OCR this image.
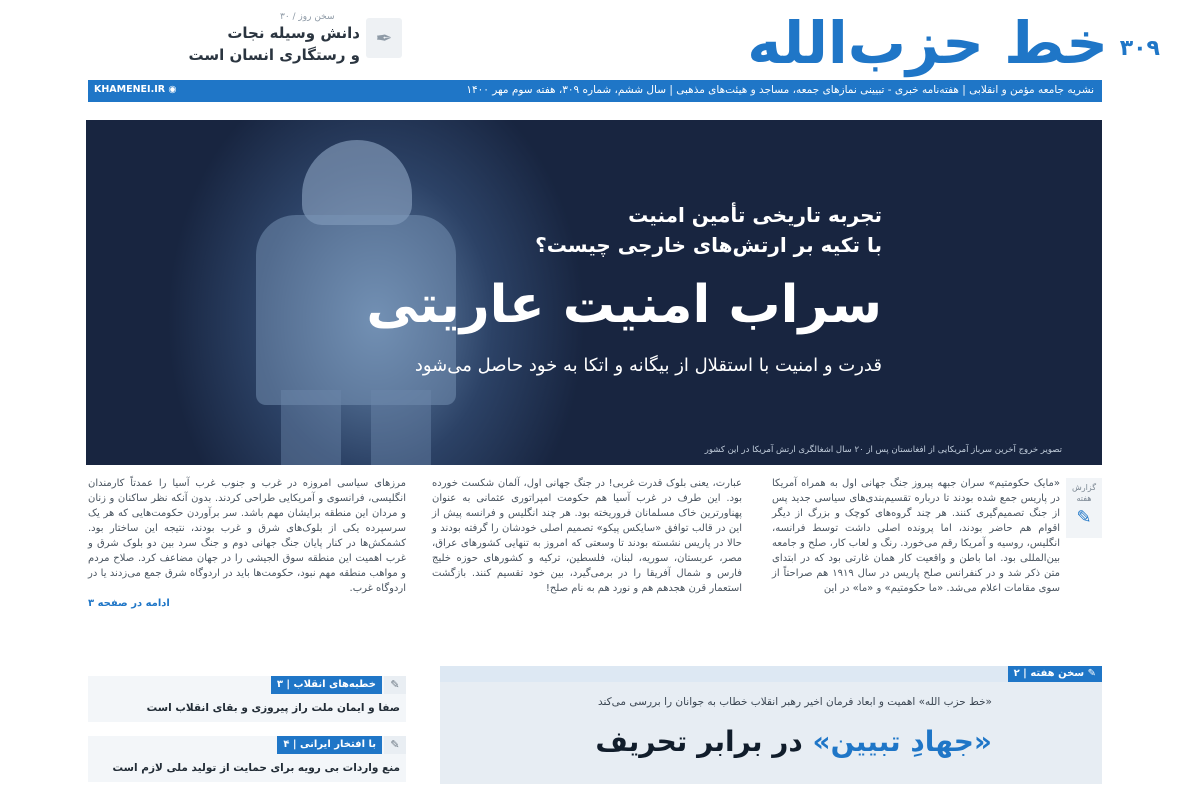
خط حزب‌الله ۳۰۹
سخن روز / ۳۰
✒
دانش وسیله نجات
و رستگاری انسان است
نشریه جامعه مؤمن و انقلابی | هفته‌نامه خبری - تبیینی نمازهای جمعه، مساجد و هیئت‌های مذهبی | سال ششم، شماره ۳۰۹، هفته سوم مهر ۱۴۰۰
◉ KHAMENEI.IR
تجربه تاریخی تأمین امنیت
با تکیه بر ارتش‌های خارجی چیست؟
سراب امنیت عاریتی
قدرت و امنیت با استقلال از بیگانه و اتکا به خود حاصل می‌شود
تصویر خروج آخرین سرباز آمریکایی از افغانستان پس از ۲۰ سال اشغالگری ارتش آمریکا در این کشور
گزارش هفته
✎
«مایک حکومتیم» سران جبهه پیروز جنگ جهانی اول به همراه آمریکا در پاریس جمع شده بودند تا درباره تقسیم‌بندی‌های سیاسی جدید پس از جنگ تصمیم‌گیری کنند. هر چند گروه‌های کوچک و بزرگ از دیگر اقوام هم حاضر بودند، اما پرونده اصلی داشت توسط فرانسه، انگلیس، روسیه و آمریکا رقم می‌خورد. رنگ و لعاب کار، صلح و جامعه بین‌المللی بود. اما باطن و واقعیت کار همان غارتی بود که در ابتدای متن ذکر شد و در کنفرانس صلح پاریس در سال ۱۹۱۹ هم صراحتاً از سوی مقامات اعلام می‌شد. «ما حکومتیم» و «ما» در این
عبارت، یعنی بلوک قدرت غربی! در جنگ جهانی اول، آلمان شکست خورده بود. این طرف در غرب آسیا هم حکومت امپراتوری عثمانی به عنوان پهناورترین خاک مسلمانان فروریخته بود. هر چند انگلیس و فرانسه پیش از این در قالب توافق «سایکس پیکو» تصمیم اصلی خودشان را گرفته بودند و حالا در پاریس نشسته بودند تا وسعتی که امروز به تنهایی کشورهای عراق، مصر، عربستان، سوریه، لبنان، فلسطین، ترکیه و کشورهای حوزه خلیج فارس و شمال آفریقا را در برمی‌گیرد، بین خود تقسیم کنند. بازگشت استعمار قرن هجدهم هم و نورد هم به نام صلح!
مرزهای سیاسی امروزه در غرب و جنوب غرب آسیا را عمدتاً کارمندان انگلیسی، فرانسوی و آمریکایی طراحی کردند. بدون آنکه نظر ساکنان و زنان و مردان این منطقه برایشان مهم باشد. سر برآوردن حکومت‌هایی که هر یک سرسپرده یکی از بلوک‌های شرق و غرب بودند، نتیجه این ساختار بود. کشمکش‌ها در کنار پایان جنگ جهانی دوم و جنگ سرد بین دو بلوک شرق و غرب اهمیت این منطقه سوق الجیشی را در جهان مضاعف کرد. صلاح مردم و مواهب منطقه مهم نبود، حکومت‌ها باید در اردوگاه شرق جمع می‌زدند یا در اردوگاه غرب.
ادامه در صفحه ۳
✎ سخن هفته | ۲
«خط حزب الله» اهمیت و ابعاد فرمان اخیر رهبر انقلاب خطاب به جوانان را بررسی می‌کند
«جهادِ تبیین» در برابر تحریف
✎
خطبه‌های انقلاب | ۳
صفا و ایمان ملت راز پیروزی و بقای انقلاب است
✎
با افتخار ایرانی | ۴
منع واردات بی رویه برای حمایت از تولید ملی لازم است
